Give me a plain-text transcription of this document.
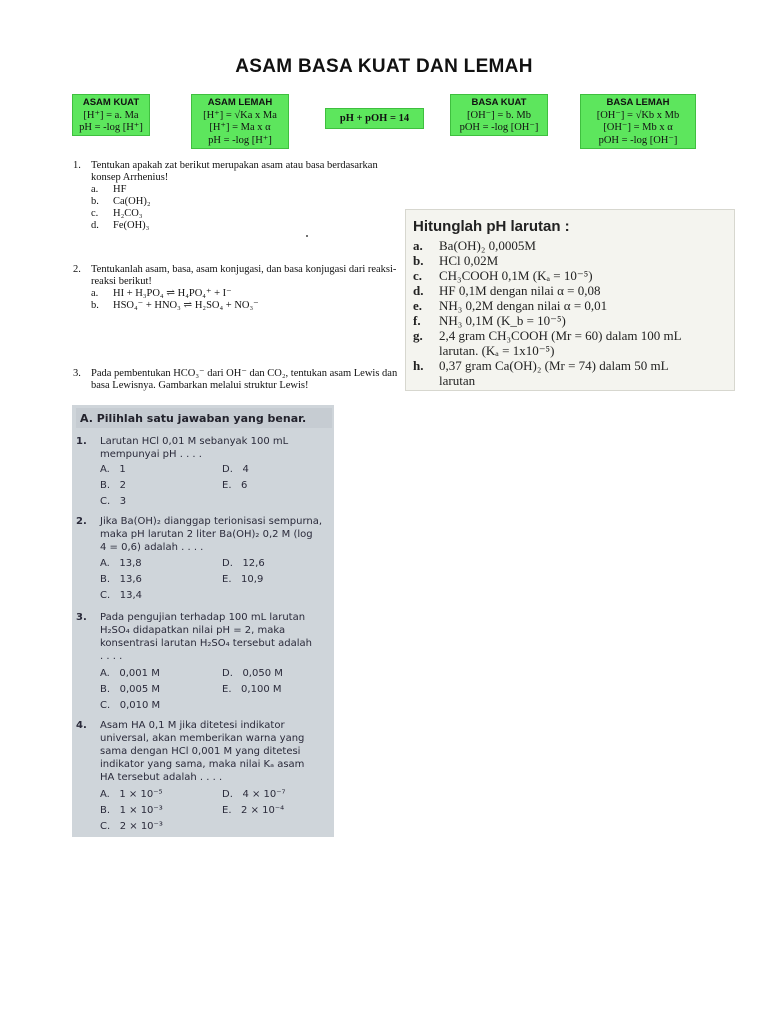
ASAM BASA KUAT DAN LEMAH
ASAM KUAT
[H⁺] = a. Ma
pH = -log [H⁺]
ASAM LEMAH
[H⁺] = √Ka x Ma
[H⁺] = Ma x α
pH = -log [H⁺]
pH + pOH = 14
BASA KUAT
[OH⁻] = b. Mb
pOH = -log [OH⁻]
BASA LEMAH
[OH⁻] = √Kb x Mb
[OH⁻] = Mb x α
pOH = -log [OH⁻]
1. Tentukan apakah zat berikut merupakan asam atau basa berdasarkan konsep Arrhenius!
a. HF
b. Ca(OH)₂
c. H₂CO₃
d. Fe(OH)₃
2. Tentukanlah asam, basa, asam konjugasi, dan basa konjugasi dari reaksi-reaksi berikut!
a. HI + H₃PO₄ ⇌ H₄PO₄⁺ + I⁻
b. HSO₄⁻ + HNO₃ ⇌ H₂SO₄ + NO₃⁻
3. Pada pembentukan HCO₃⁻ dari OH⁻ dan CO₂, tentukan asam Lewis dan basa Lewisnya. Gambarkan melalui struktur Lewis!
Hitunglah pH larutan :
a. Ba(OH)₂ 0,0005M
b. HCl 0,02M
c. CH₃COOH 0,1M (Kₐ = 10⁻⁵)
d. HF 0,1M dengan nilai α = 0,08
e. NH₃ 0,2M dengan nilai α = 0,01
f. NH₃ 0,1M (K_b = 10⁻⁵)
g. 2,4 gram CH₃COOH (Mr = 60) dalam 100 mL
larutan. (Kₐ = 1x10⁻⁵)
h. 0,37 gram Ca(OH)₂ (Mr = 74) dalam 50 mL
larutan
A. Pilihlah satu jawaban yang benar.
1. Larutan HCl 0,01 M sebanyak 100 mL
mempunyai pH . . . .
A. 1	D. 4
B. 2	E. 6
C. 3
2. Jika Ba(OH)₂ dianggap terionisasi sempurna,
maka pH larutan 2 liter Ba(OH)₂ 0,2 M (log
4 = 0,6) adalah . . . .
A. 13,8	D. 12,6
B. 13,6	E. 10,9
C. 13,4
3. Pada pengujian terhadap 100 mL larutan
H₂SO₄ didapatkan nilai pH = 2, maka
konsentrasi larutan H₂SO₄ tersebut adalah
. . . .
A. 0,001 M	D. 0,050 M
B. 0,005 M	E. 0,100 M
C. 0,010 M
4. Asam HA 0,1 M jika ditetesi indikator
universal, akan memberikan warna yang
sama dengan HCl 0,001 M yang ditetesi
indikator yang sama, maka nilai Kₐ asam
HA tersebut adalah . . . .
A. 1 × 10⁻⁵	D. 4 × 10⁻⁷
B. 1 × 10⁻³	E. 2 × 10⁻⁴
C. 2 × 10⁻³
